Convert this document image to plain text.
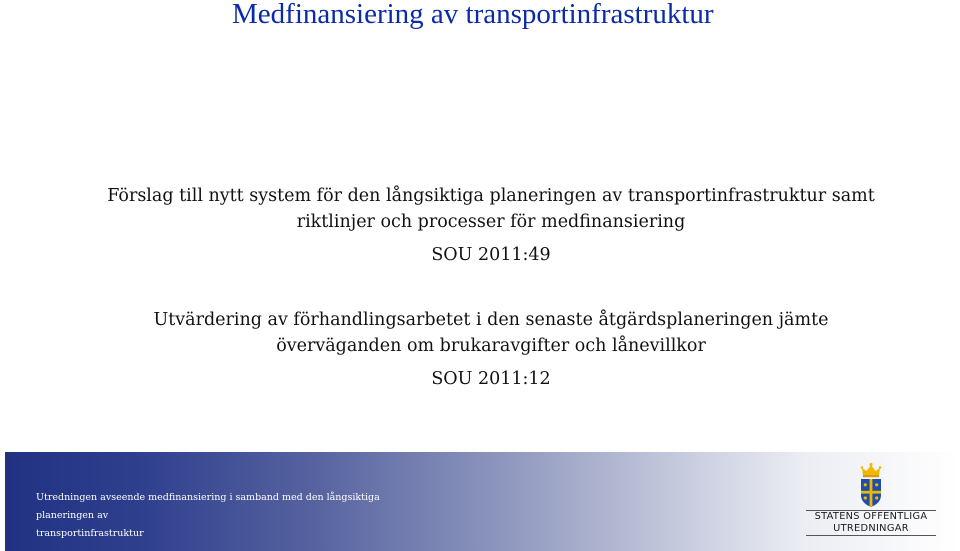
Medfinansiering av transportinfrastruktur

Förslag till nytt system för den långsiktiga planeringen av transportinfrastruktur samt

riktlinjer och processer för medfinansiering

SOU 2011:49

Utvärdering av förhandlingsarbetet i den senaste åtgärdsplaneringen jämte

överväganden om brukaravgifter och lånevillkor

SOU 2011:12

Utredningen avseende medfinansiering i samband med den långsiktiga planeringen av
transportinfrastruktur

STATENS OFFENTLIGA
UTREDNINGAR
